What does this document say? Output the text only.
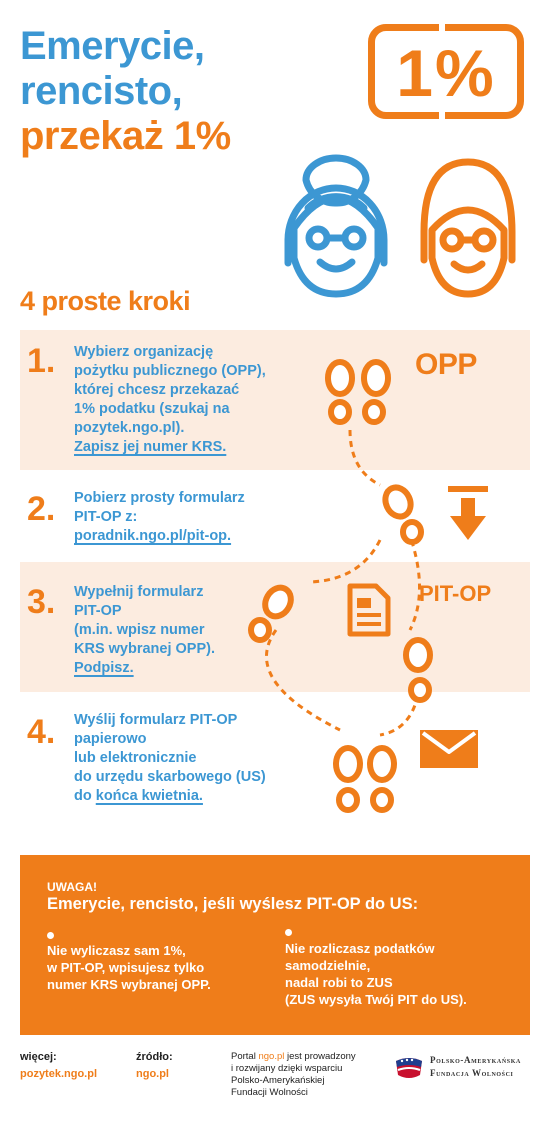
Emerycie,
rencisto,
przekaż 1%
1%
4 proste kroki
1. Wybierz organizację
pożytku publicznego (OPP),
której chcesz przekazać
1% podatku (szukaj na
pozytek.ngo.pl).
Zapisz jej numer KRS.
OPP
2. Pobierz prosty formularz
PIT-OP z:
poradnik.ngo.pl/pit-op.
3. Wypełnij formularz
PIT-OP
(m.in. wpisz numer
KRS wybranej OPP).
Podpisz.
PIT-OP
4. Wyślij formularz PIT-OP
papierowo
lub elektronicznie
do urzędu skarbowego (US)
do końca kwietnia.
UWAGA!
Emerycie, rencisto, jeśli wyślesz PIT-OP do US:
Nie wyliczasz sam 1%,
w PIT-OP, wpisujesz tylko
numer KRS wybranej OPP.
Nie rozliczasz podatków
samodzielnie,
nadal robi to ZUS
(ZUS wysyła Twój PIT do US).
więcej:
pozytek.ngo.pl
źródło:
ngo.pl
Portal ngo.pl jest prowadzony
i rozwijany dzięki wsparciu
Polsko-Amerykańskiej
Fundacji Wolności
Polsko-Amerykańska
Fundacja Wolności
